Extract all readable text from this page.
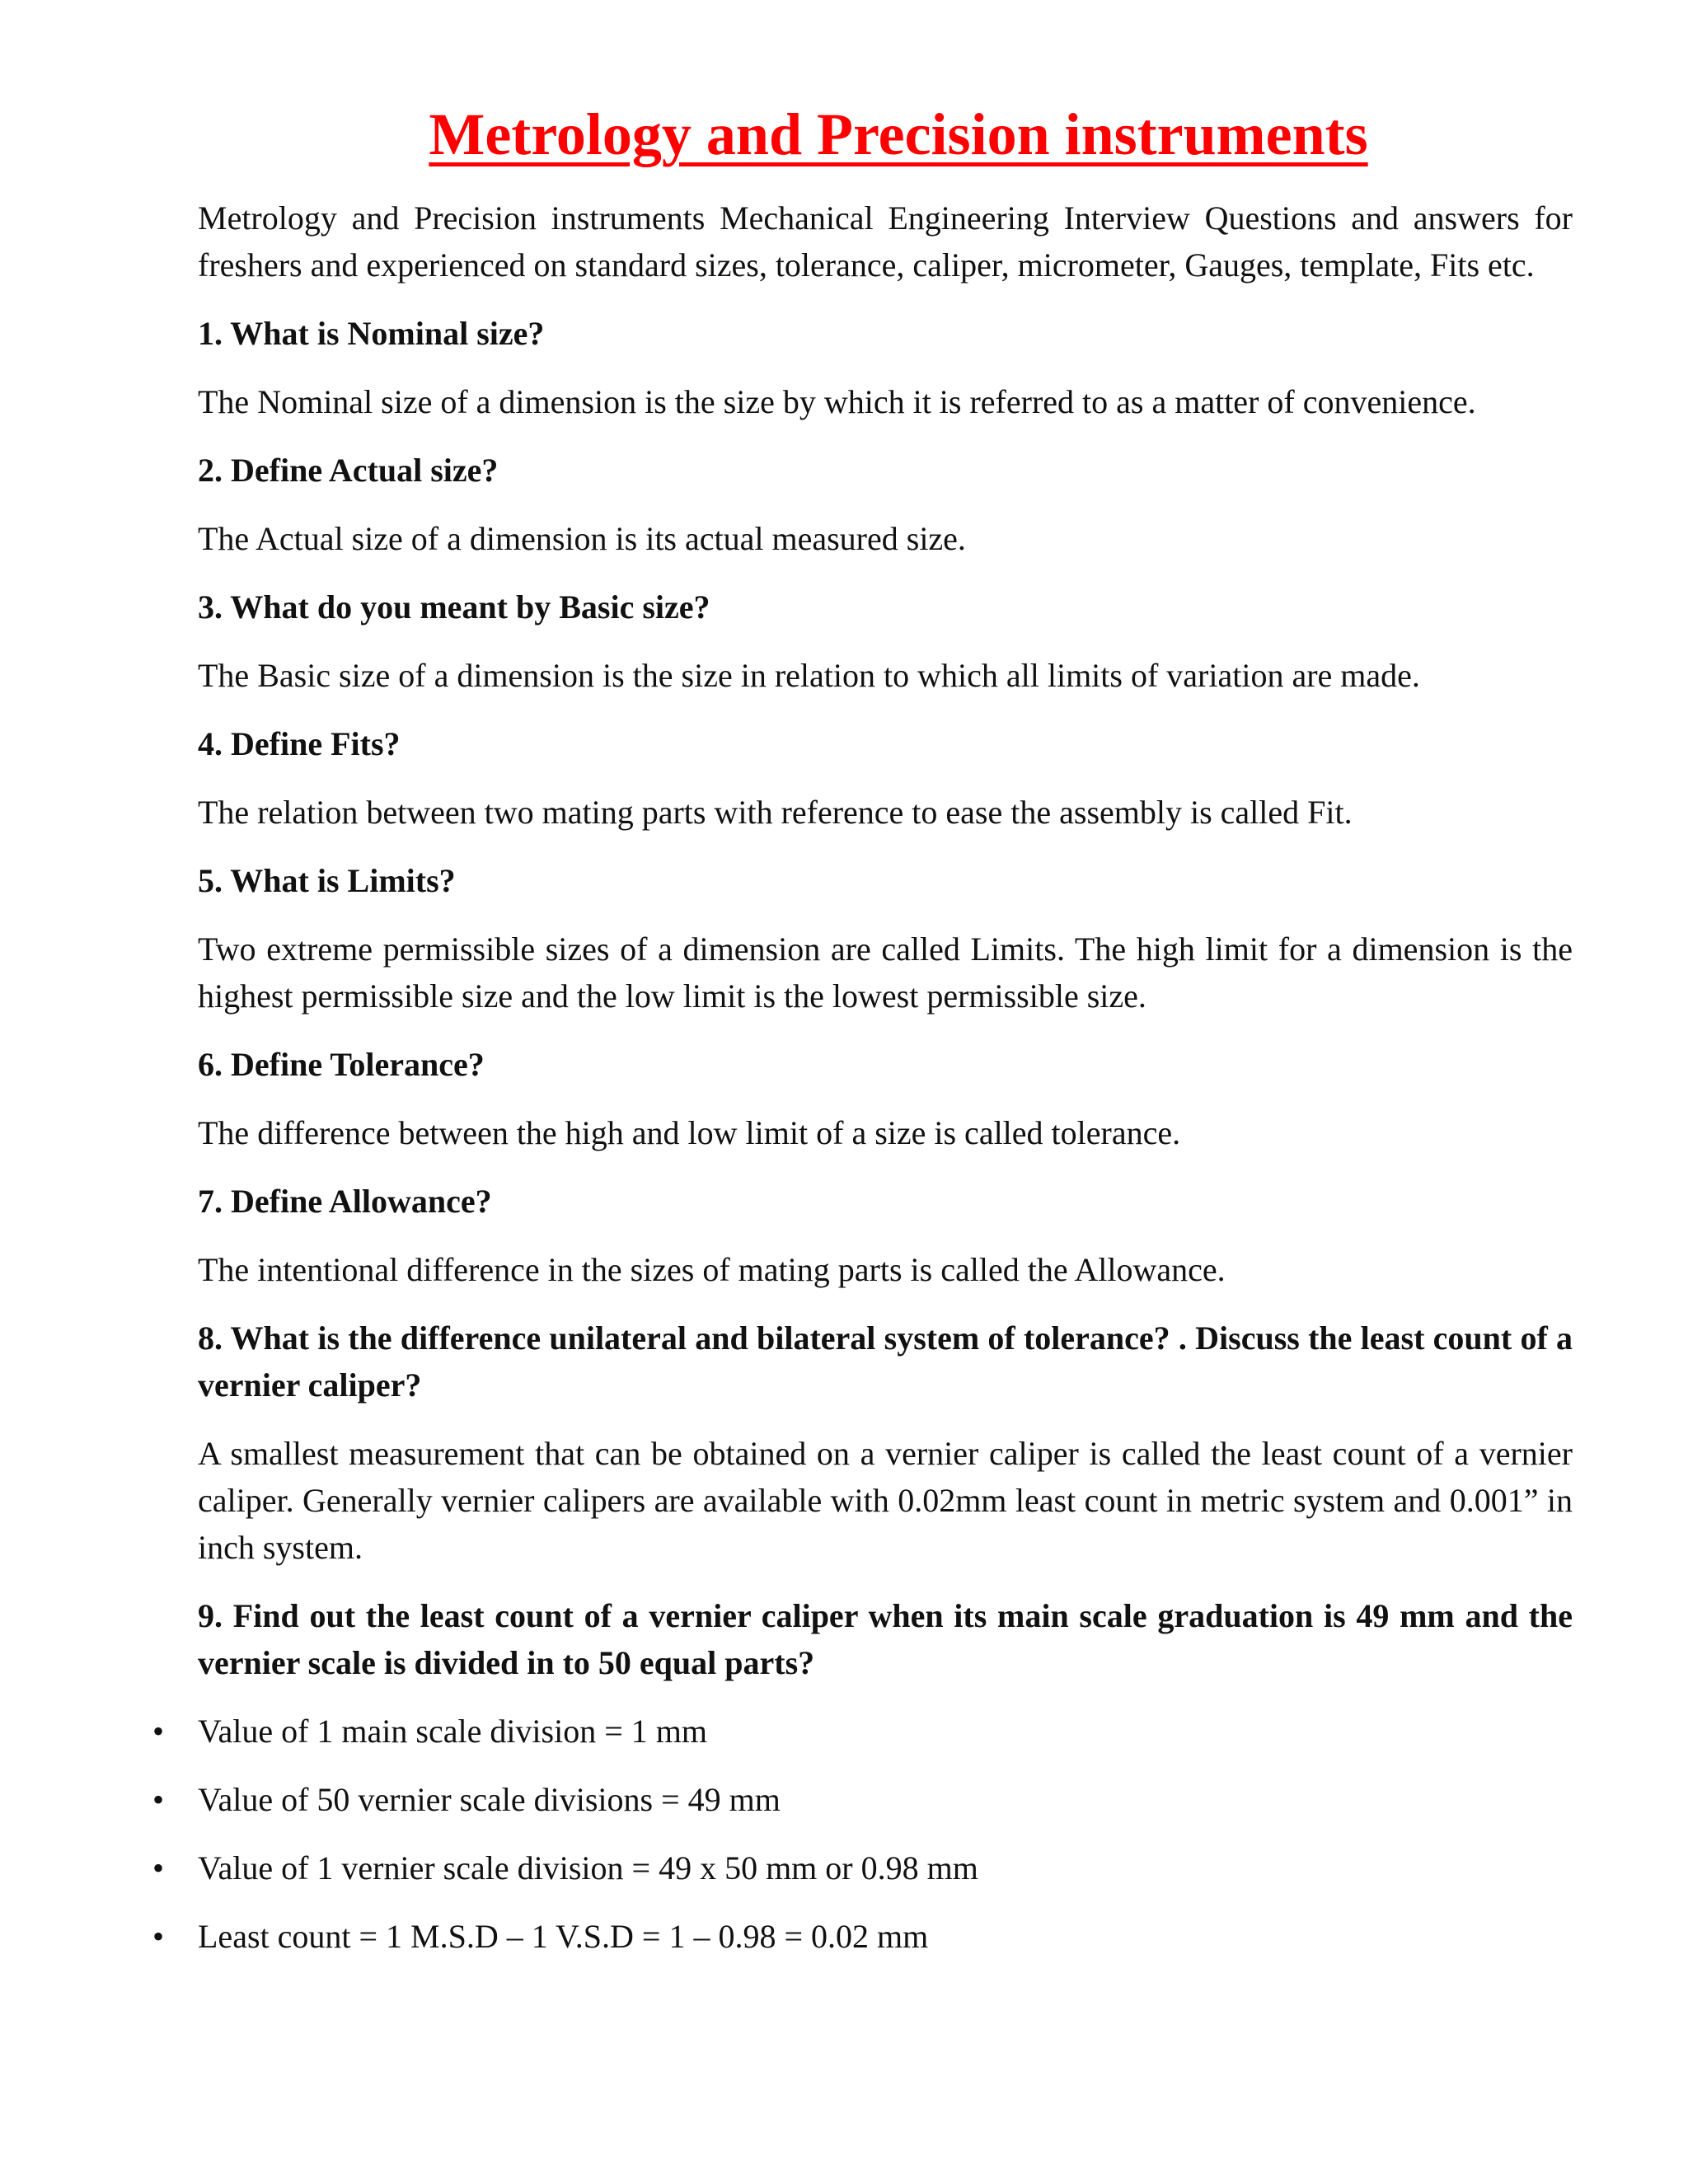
Metrology and Precision instruments

Metrology and Precision instruments Mechanical Engineering Interview Questions and answers for freshers and experienced on standard sizes, tolerance, caliper, micrometer, Gauges, template, Fits etc.

1. What is Nominal size?

The Nominal size of a dimension is the size by which it is referred to as a matter of convenience.

2. Define Actual size?

The Actual size of a dimension is its actual measured size.

3. What do you meant by Basic size?

The Basic size of a dimension is the size in relation to which all limits of variation are made.

4. Define Fits?

The relation between two mating parts with reference to ease the assembly is called Fit.

5. What is Limits?

Two extreme permissible sizes of a dimension are called Limits. The high limit for a dimension is the highest permissible size and the low limit is the lowest permissible size.

6. Define Tolerance?

The difference between the high and low limit of a size is called tolerance.

7. Define Allowance?

The intentional difference in the sizes of mating parts is called the Allowance.

8. What is the difference unilateral and bilateral system of tolerance? . Discuss the least count of a vernier caliper?

A smallest measurement that can be obtained on a vernier caliper is called the least count of a vernier caliper. Generally vernier calipers are available with 0.02mm least count in metric system and 0.001” in inch system.

9. Find out the least count of a vernier caliper when its main scale graduation is 49 mm and the vernier scale is divided in to 50 equal parts?

• Value of 1 main scale division = 1 mm
• Value of 50 vernier scale divisions = 49 mm
• Value of 1 vernier scale division = 49 x 50 mm or 0.98 mm
• Least count = 1 M.S.D – 1 V.S.D = 1 – 0.98 = 0.02 mm
